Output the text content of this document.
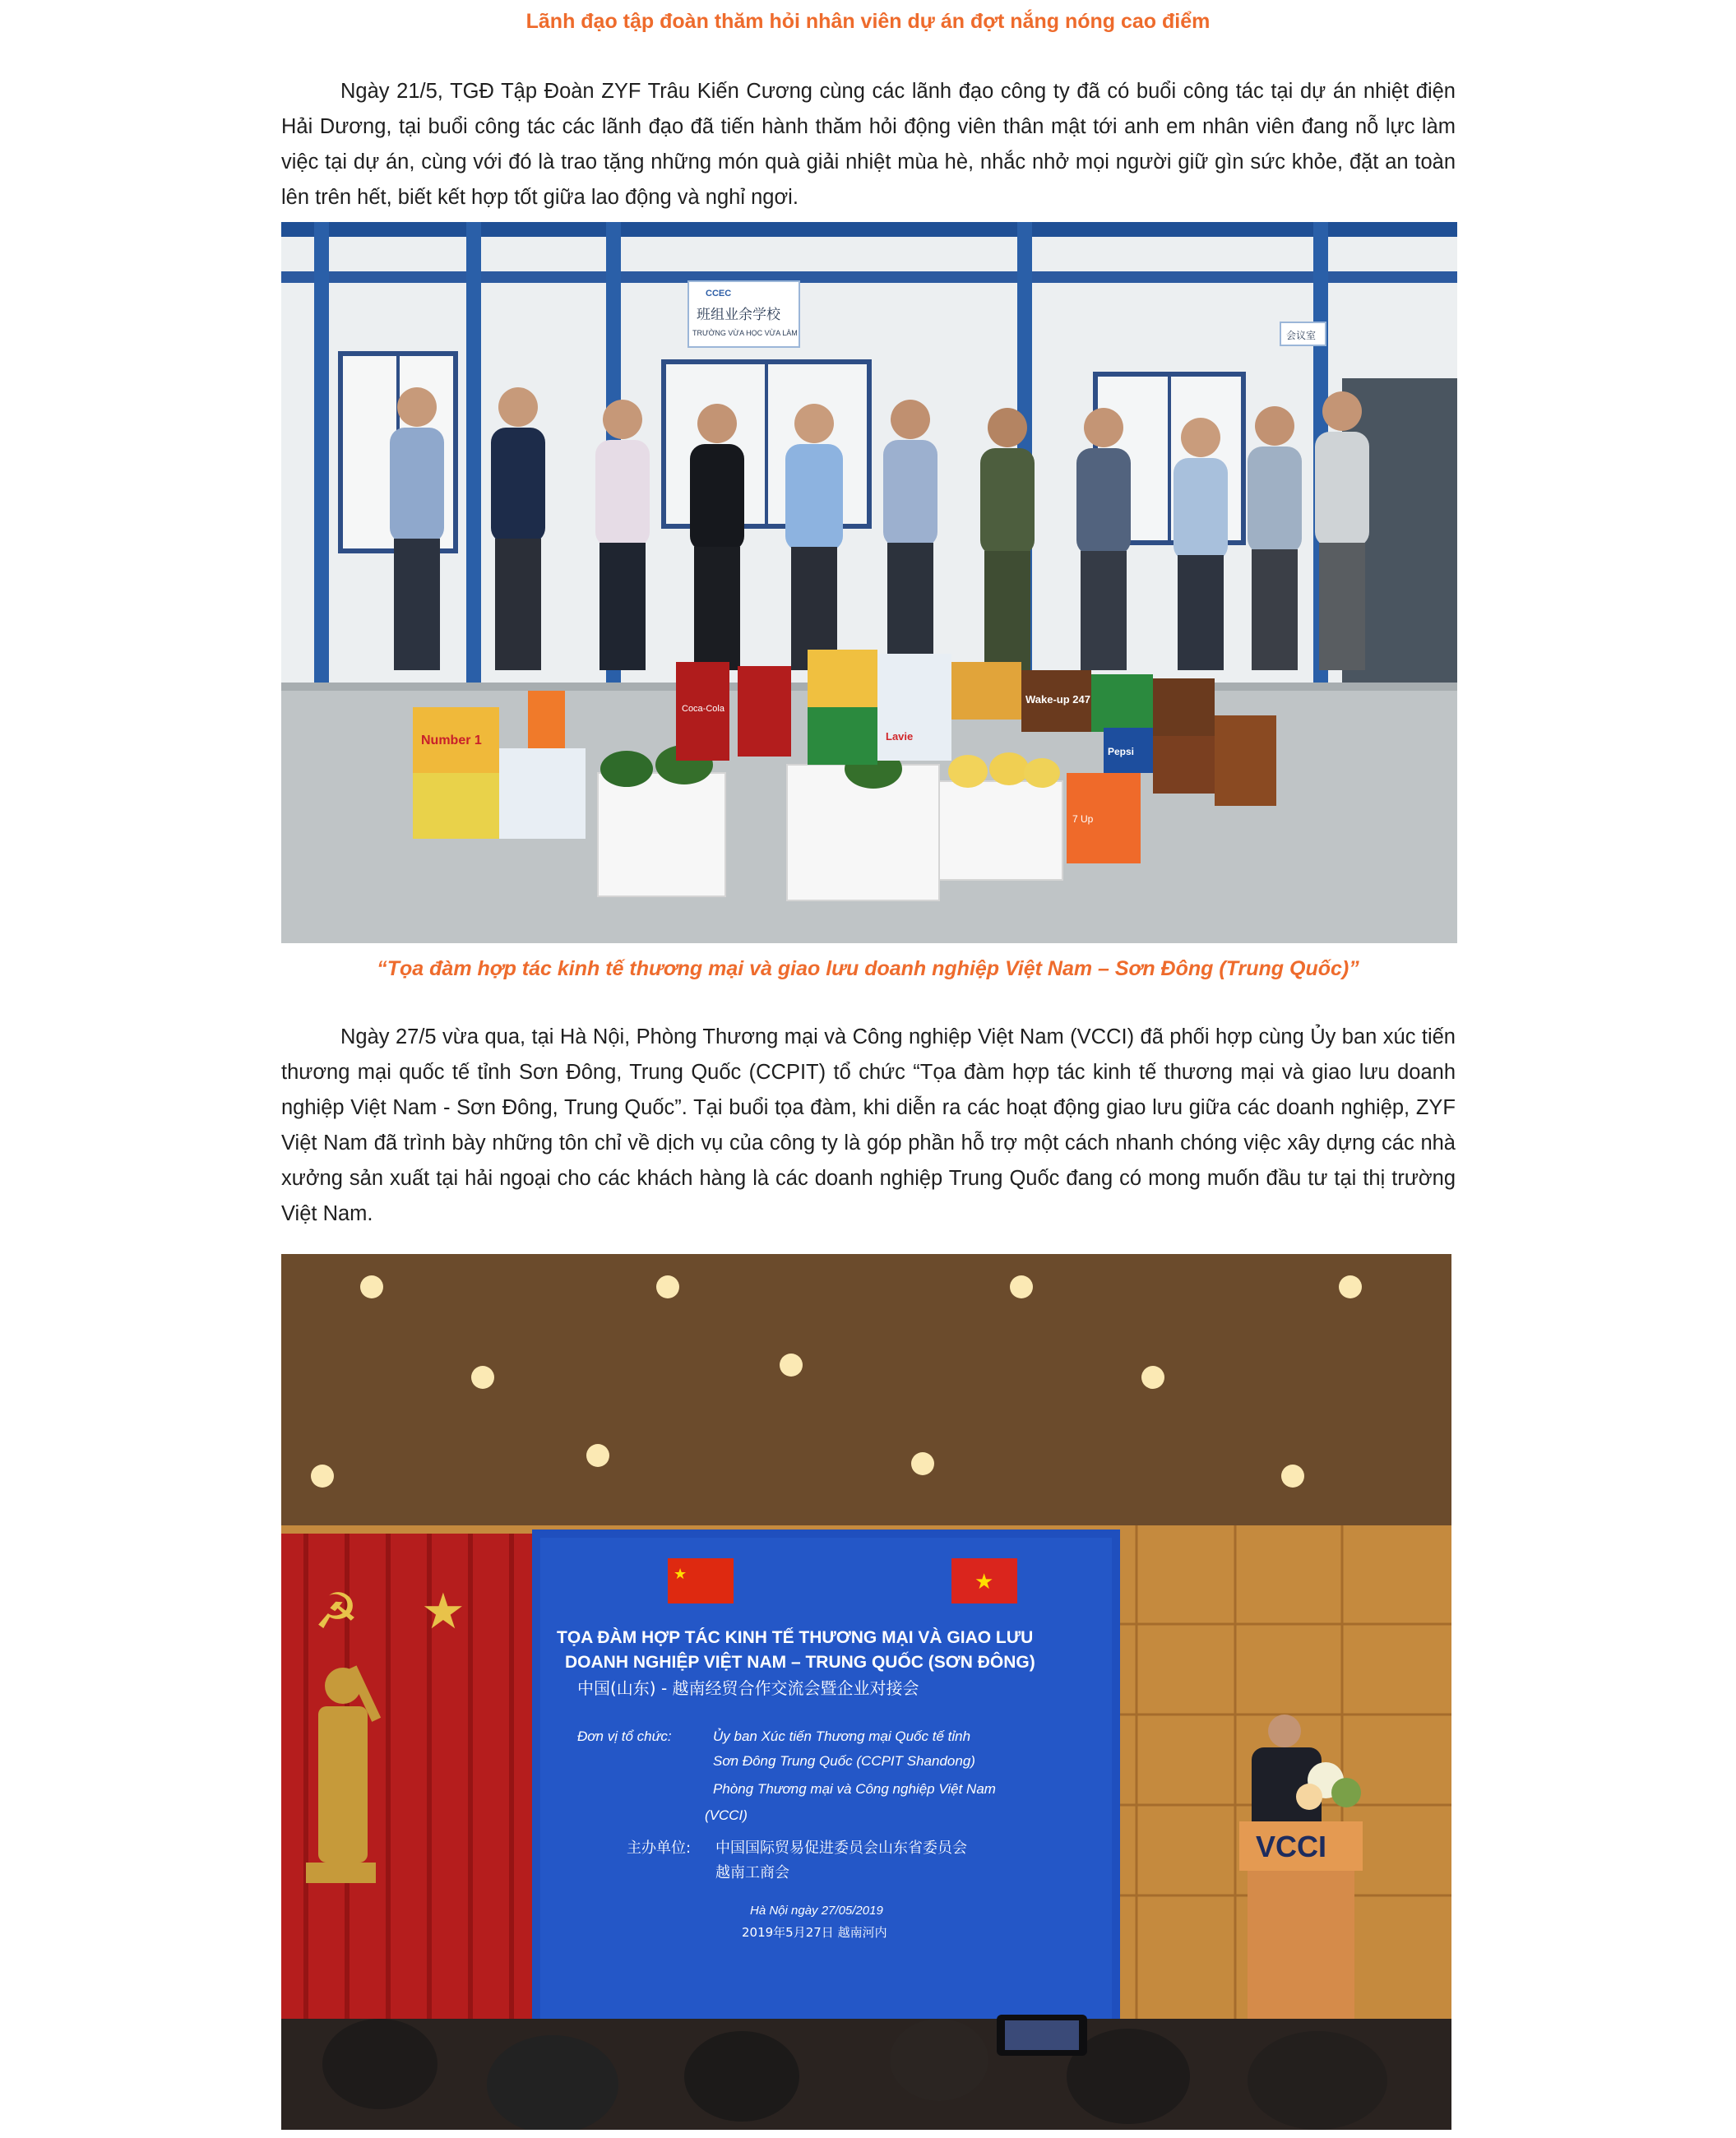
Lãnh đạo tập đoàn thăm hỏi nhân viên dự án đợt nắng nóng cao điểm

Ngày 21/5, TGĐ Tập Đoàn ZYF Trâu Kiến Cương cùng các lãnh đạo công ty đã có buổi công tác tại dự án nhiệt điện Hải Dương, tại buổi công tác các lãnh đạo đã tiến hành thăm hỏi động viên thân mật tới anh em nhân viên đang nỗ lực làm việc tại dự án, cùng với đó là trao tặng những món quà giải nhiệt mùa hè, nhắc nhở mọi người giữ gìn sức khỏe, đặt an toàn lên trên hết, biết kết hợp tốt giữa lao động và nghỉ ngơi.

CCEC
班组业余学校
TRƯỜNG VỪA HỌC VỪA LÀM	会议室
Number 1
Coca-Cola
Lavie
Wake-up 247
Pepsi
7 Up
“Tọa đàm hợp tác kinh tế thương mại và giao lưu doanh nghiệp Việt Nam – Sơn Đông (Trung Quốc)”

Ngày 27/5 vừa qua, tại Hà Nội, Phòng Thương mại và Công nghiệp Việt Nam (VCCI) đã phối hợp cùng Ủy ban xúc tiến thương mại quốc tế tỉnh Sơn Đông, Trung Quốc (CCPIT) tổ chức “Tọa đàm hợp tác kinh tế thương mại và giao lưu doanh nghiệp Việt Nam - Sơn Đông, Trung Quốc”. Tại buổi tọa đàm, khi diễn ra các hoạt động giao lưu giữa các doanh nghiệp, ZYF Việt Nam đã trình bày những tôn chỉ về dịch vụ của công ty là góp phần hỗ trợ một cách nhanh chóng việc xây dựng các nhà xưởng sản xuất tại hải ngoại cho các khách hàng là các doanh nghiệp Trung Quốc đang có mong muốn đầu tư tại thị trường Việt Nam.

☭ ★
★	★
TỌA ĐÀM HỢP TÁC KINH TẾ THƯƠNG MẠI VÀ GIAO LƯU
DOANH NGHIỆP VIỆT NAM – TRUNG QUỐC (SƠN ĐÔNG)
中国(山东) - 越南经贸合作交流会暨企业对接会
Đơn vị tổ chức:	Ủy ban Xúc tiến Thương mại Quốc tế tỉnh
Sơn Đông Trung Quốc (CCPIT Shandong)
Phòng Thương mại và Công nghiệp Việt Nam
(VCCI)
主办单位: 中国国际贸易促进委员会山东省委员会
越南工商会
Hà Nội ngày 27/05/2019
2019年5月27日 越南河内
VCCI
